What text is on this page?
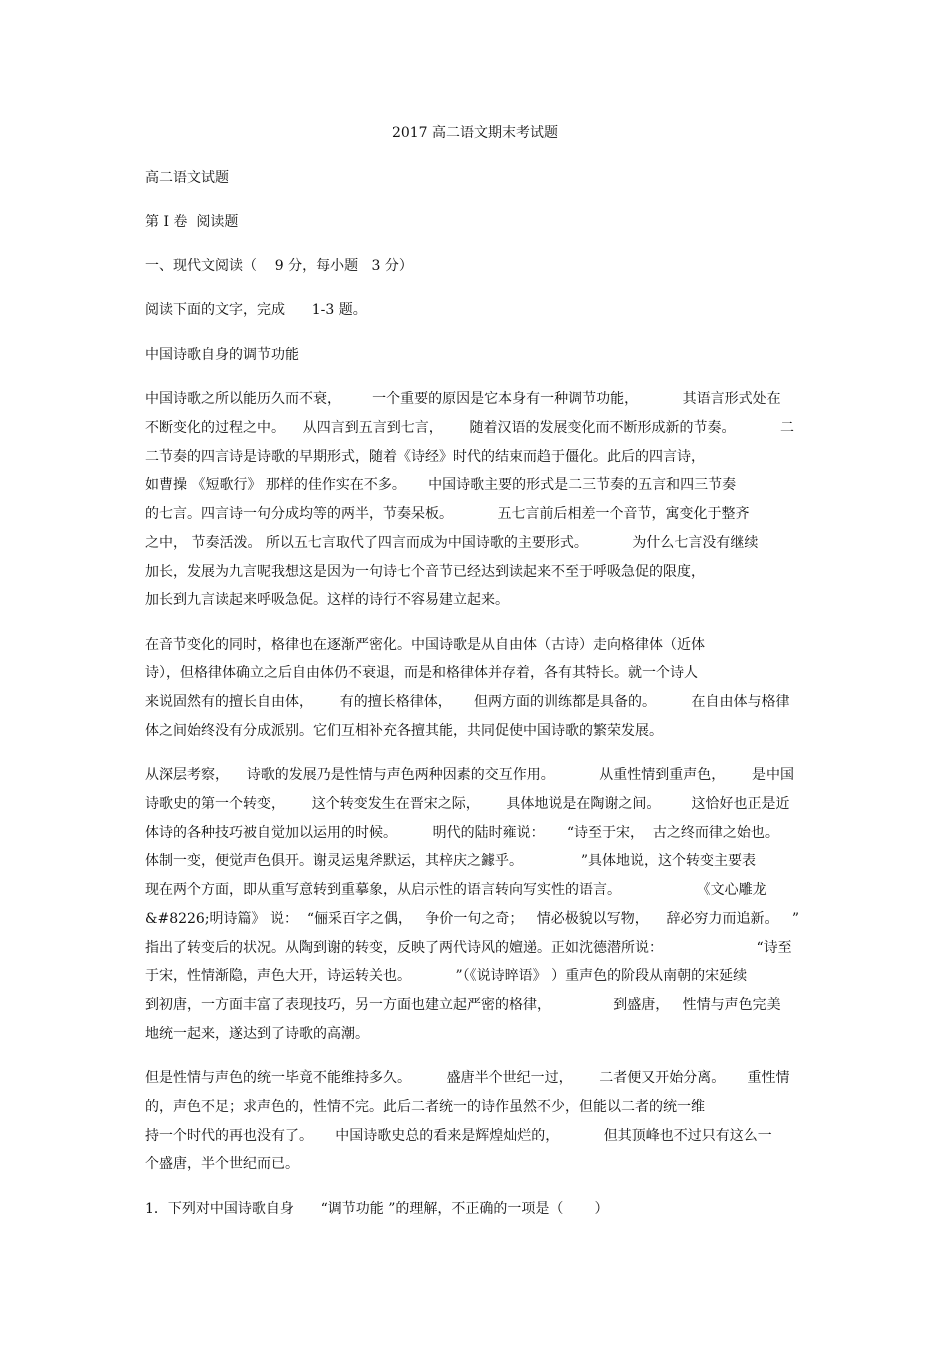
2017 高二语文期末考试题
高二语文试题
第 I 卷  阅读题
一、现代文阅读（    9 分，每小题   3 分）
阅读下面的文字，完成      1-3 题。
中国诗歌自身的调节功能
中国诗歌之所以能历久而不衰，       一个重要的原因是它本身有一种调节功能，          其语言形式处在
不断变化的过程之中。    从四言到五言到七言，      随着汉语的发展变化而不断形成新的节奏。          二
二节奏的四言诗是诗歌的早期形式，随着《诗经》时代的结束而趋于僵化。此后的四言诗，
如曹操 《短歌行》 那样的佳作实在不多。     中国诗歌主要的形式是二三节奏的五言和四三节奏
的七言。四言诗一句分成均等的两半，节奏呆板。          五七言前后相差一个音节，寓变化于整齐
之中， 节奏活泼。 所以五七言取代了四言而成为中国诗歌的主要形式。          为什么七言没有继续
加长，发展为九言呢我想这是因为一句诗七个音节已经达到读起来不至于呼吸急促的限度，
加长到九言读起来呼吸急促。这样的诗行不容易建立起来。
在音节变化的同时，格律也在逐渐严密化。中国诗歌是从自由体（古诗）走向格律体（近体
诗），但格律体确立之后自由体仍不衰退，而是和格律体并存着，各有其特长。就一个诗人
来说固然有的擅长自由体，      有的擅长格律体，     但两方面的训练都是具备的。        在自由体与格律
体之间始终没有分成派别。它们互相补充各擅其能，共同促使中国诗歌的繁荣发展。
从深层考察，    诗歌的发展乃是性情与声色两种因素的交互作用。          从重性情到重声色，      是中国
诗歌史的第一个转变，      这个转变发生在晋宋之际，      具体地说是在陶谢之间。       这恰好也正是近
体诗的各种技巧被自觉加以运用的时候。        明代的陆时雍说：     “诗至于宋，  古之终而律之始也。
体制一变，便觉声色俱开。谢灵运鬼斧默运，其梓庆之鐻乎。             ”具体地说，这个转变主要表
现在两个方面，即从重写意转到重摹象，从启示性的语言转向写实性的语言。                 《文心雕龙
&#8226;明诗篇》 说：  “俪采百字之偶，   争价一句之奇；   情必极貌以写物，    辞必穷力而追新。   ”
指出了转变后的状况。从陶到谢的转变，反映了两代诗风的嬗递。正如沈德潜所说：                     “诗至
于宋，性情渐隐，声色大开，诗运转关也。          ”（《说诗晬语》 ）重声色的阶段从南朝的宋延续
到初唐，一方面丰富了表现技巧，另一方面也建立起严密的格律，              到盛唐，   性情与声色完美
地统一起来，遂达到了诗歌的高潮。
但是性情与声色的统一毕竟不能维持多久。        盛唐半个世纪一过，      二者便又开始分离。     重性情
的，声色不足；求声色的，性情不完。此后二者统一的诗作虽然不少，但能以二者的统一维
持一个时代的再也没有了。     中国诗歌史总的看来是辉煌灿烂的，          但其顶峰也不过只有这么一
个盛唐，半个世纪而已。
1．下列对中国诗歌自身      “调节功能 ”的理解，不正确的一项是（       ）
